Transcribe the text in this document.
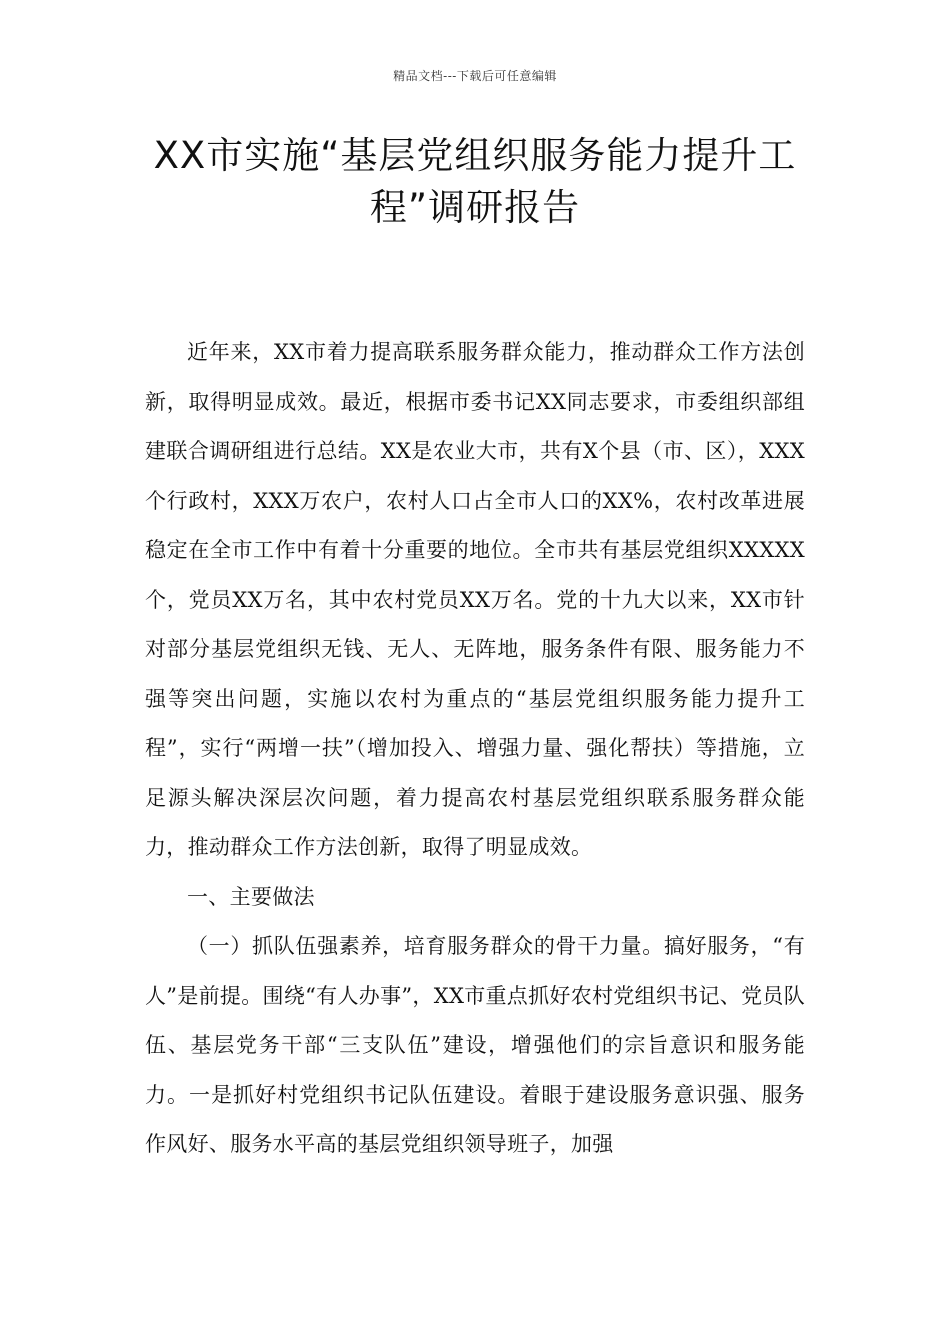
精品文档---下载后可任意编辑
XX市实施“基层党组织服务能力提升工程”调研报告

近年来，XX市着力提高联系服务群众能力，推动群众工作方法创新，取得明显成效。最近，根据市委书记XX同志要求，市委组织部组建联合调研组进行总结。XX是农业大市，共有X个县（市、区），XXX个行政村，XXX万农户，农村人口占全市人口的XX%，农村改革进展稳定在全市工作中有着十分重要的地位。全市共有基层党组织XXXXX个，党员XX万名，其中农村党员XX万名。党的十九大以来，XX市针对部分基层党组织无钱、无人、无阵地，服务条件有限、服务能力不强等突出问题，实施以农村为重点的“基层党组织服务能力提升工程”，实行“两增一扶”（增加投入、增强力量、强化帮扶）等措施，立足源头解决深层次问题，着力提高农村基层党组织联系服务群众能力，推动群众工作方法创新，取得了明显成效。

一、主要做法

（一）抓队伍强素养，培育服务群众的骨干力量。搞好服务，“有人”是前提。围绕“有人办事”，XX市重点抓好农村党组织书记、党员队伍、基层党务干部“三支队伍”建设，增强他们的宗旨意识和服务能力。一是抓好村党组织书记队伍建设。着眼于建设服务意识强、服务作风好、服务水平高的基层党组织领导班子，加强
